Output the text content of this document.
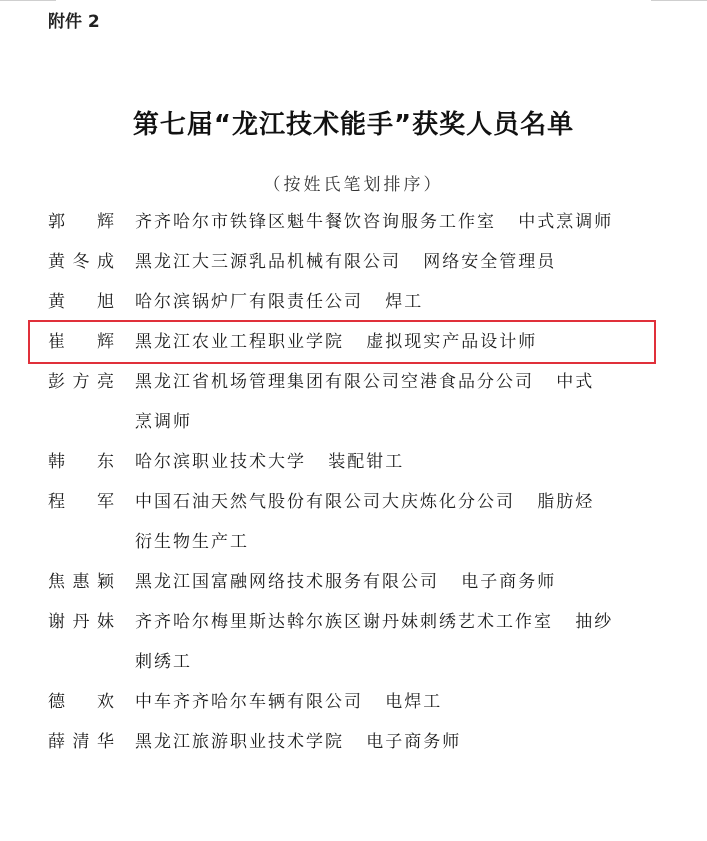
附件 2
第七届“龙江技术能手”获奖人员名单
（按姓氏笔划排序）
郭 辉 齐齐哈尔市铁锋区魁牛餐饮咨询服务工作室   中式烹调师
黄 冬 成 黑龙江大三源乳品机械有限公司   网络安全管理员
黄 旭 哈尔滨锅炉厂有限责任公司   焊工
崔 辉 黑龙江农业工程职业学院   虚拟现实产品设计师
彭 方 亮 黑龙江省机场管理集团有限公司空港食品分公司   中式
烹调师
韩 东 哈尔滨职业技术大学   装配钳工
程 军 中国石油天然气股份有限公司大庆炼化分公司   脂肪烃
衍生物生产工
焦 惠 颖 黑龙江国富融网络技术服务有限公司   电子商务师
谢 丹 妹 齐齐哈尔梅里斯达斡尔族区谢丹妹刺绣艺术工作室   抽纱
刺绣工
德 欢 中车齐齐哈尔车辆有限公司   电焊工
薛 清 华 黑龙江旅游职业技术学院   电子商务师
